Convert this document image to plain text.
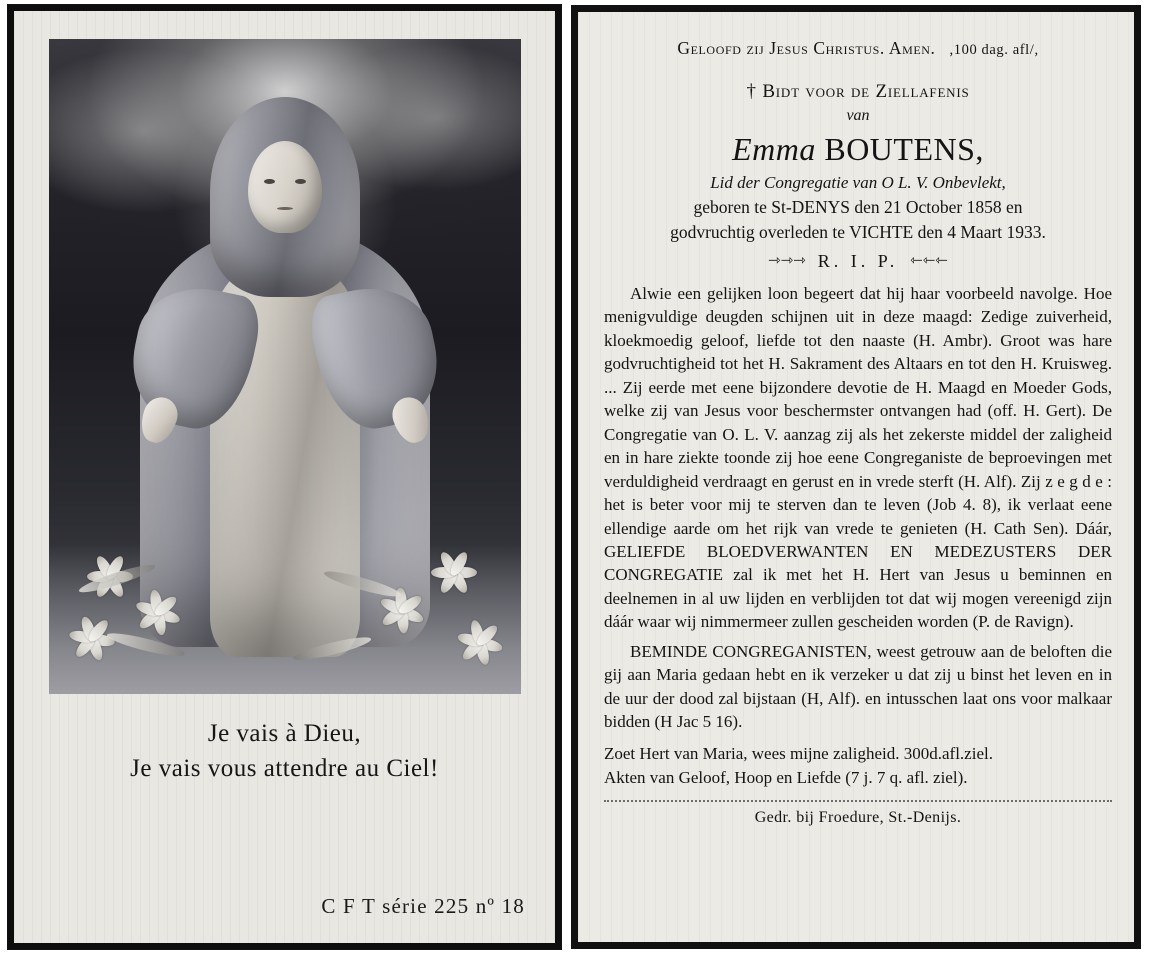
Je vais à Dieu,
Je vais vous attendre au Ciel!
C F T série 225 nº 18
Geloofd zij Jesus Christus. Amen. ,100 dag. afl/,
† Bidt voor de Ziellafenis
van
Emma BOUTENS,
Lid der Congregatie van O L. V. Onbevlekt,
geboren te St-DENYS den 21 October 1858 en
godvruchtig overleden te VICHTE den 4 Maart 1933.
⇾⇾⇾ R. I. P. ⇽⇽⇽

Alwie een gelijken loon begeert dat hij haar voorbeeld navolge. Hoe menigvuldige deugden schijnen uit in deze maagd: Zedige zuiverheid, kloekmoedig geloof, liefde tot den naaste (H. Ambr). Groot was hare godvruchtigheid tot het H. Sakrament des Altaars en tot den H. Kruisweg. ... Zij eerde met eene bijzondere devotie de H. Maagd en Moeder Gods, welke zij van Jesus voor beschermster ontvangen had (off. H. Gert). De Congregatie van O. L. V. aanzag zij als het zekerste middel der zaligheid en in hare ziekte toonde zij hoe eene Congreganiste de beproevingen met verduldigheid verdraagt en gerust en in vrede sterft (H. Alf). Zij z e g d e : het is beter voor mij te sterven dan te leven (Job 4. 8), ik verlaat eene ellendige aarde om het rijk van vrede te genieten (H. Cath Sen). Dáár, GELIEFDE BLOEDVERWANTEN EN MEDEZUSTERS DER CONGREGATIE zal ik met het H. Hert van Jesus u beminnen en deelnemen in al uw lijden en verblijden tot dat wij mogen vereenigd zijn dáár waar wij nimmermeer zullen gescheiden worden (P. de Ravign).

BEMINDE CONGREGANISTEN, weest getrouw aan de beloften die gij aan Maria gedaan hebt en ik verzeker u dat zij u binst het leven en in de uur der dood zal bijstaan (H, Alf). en intusschen laat ons voor malkaar bidden (H Jac 5 16).

Zoet Hert van Maria, wees mijne zaligheid. 300d.afl.ziel.
Akten van Geloof, Hoop en Liefde (7 j. 7 q. afl. ziel).
Gedr. bij Froedure, St.-Denijs.
